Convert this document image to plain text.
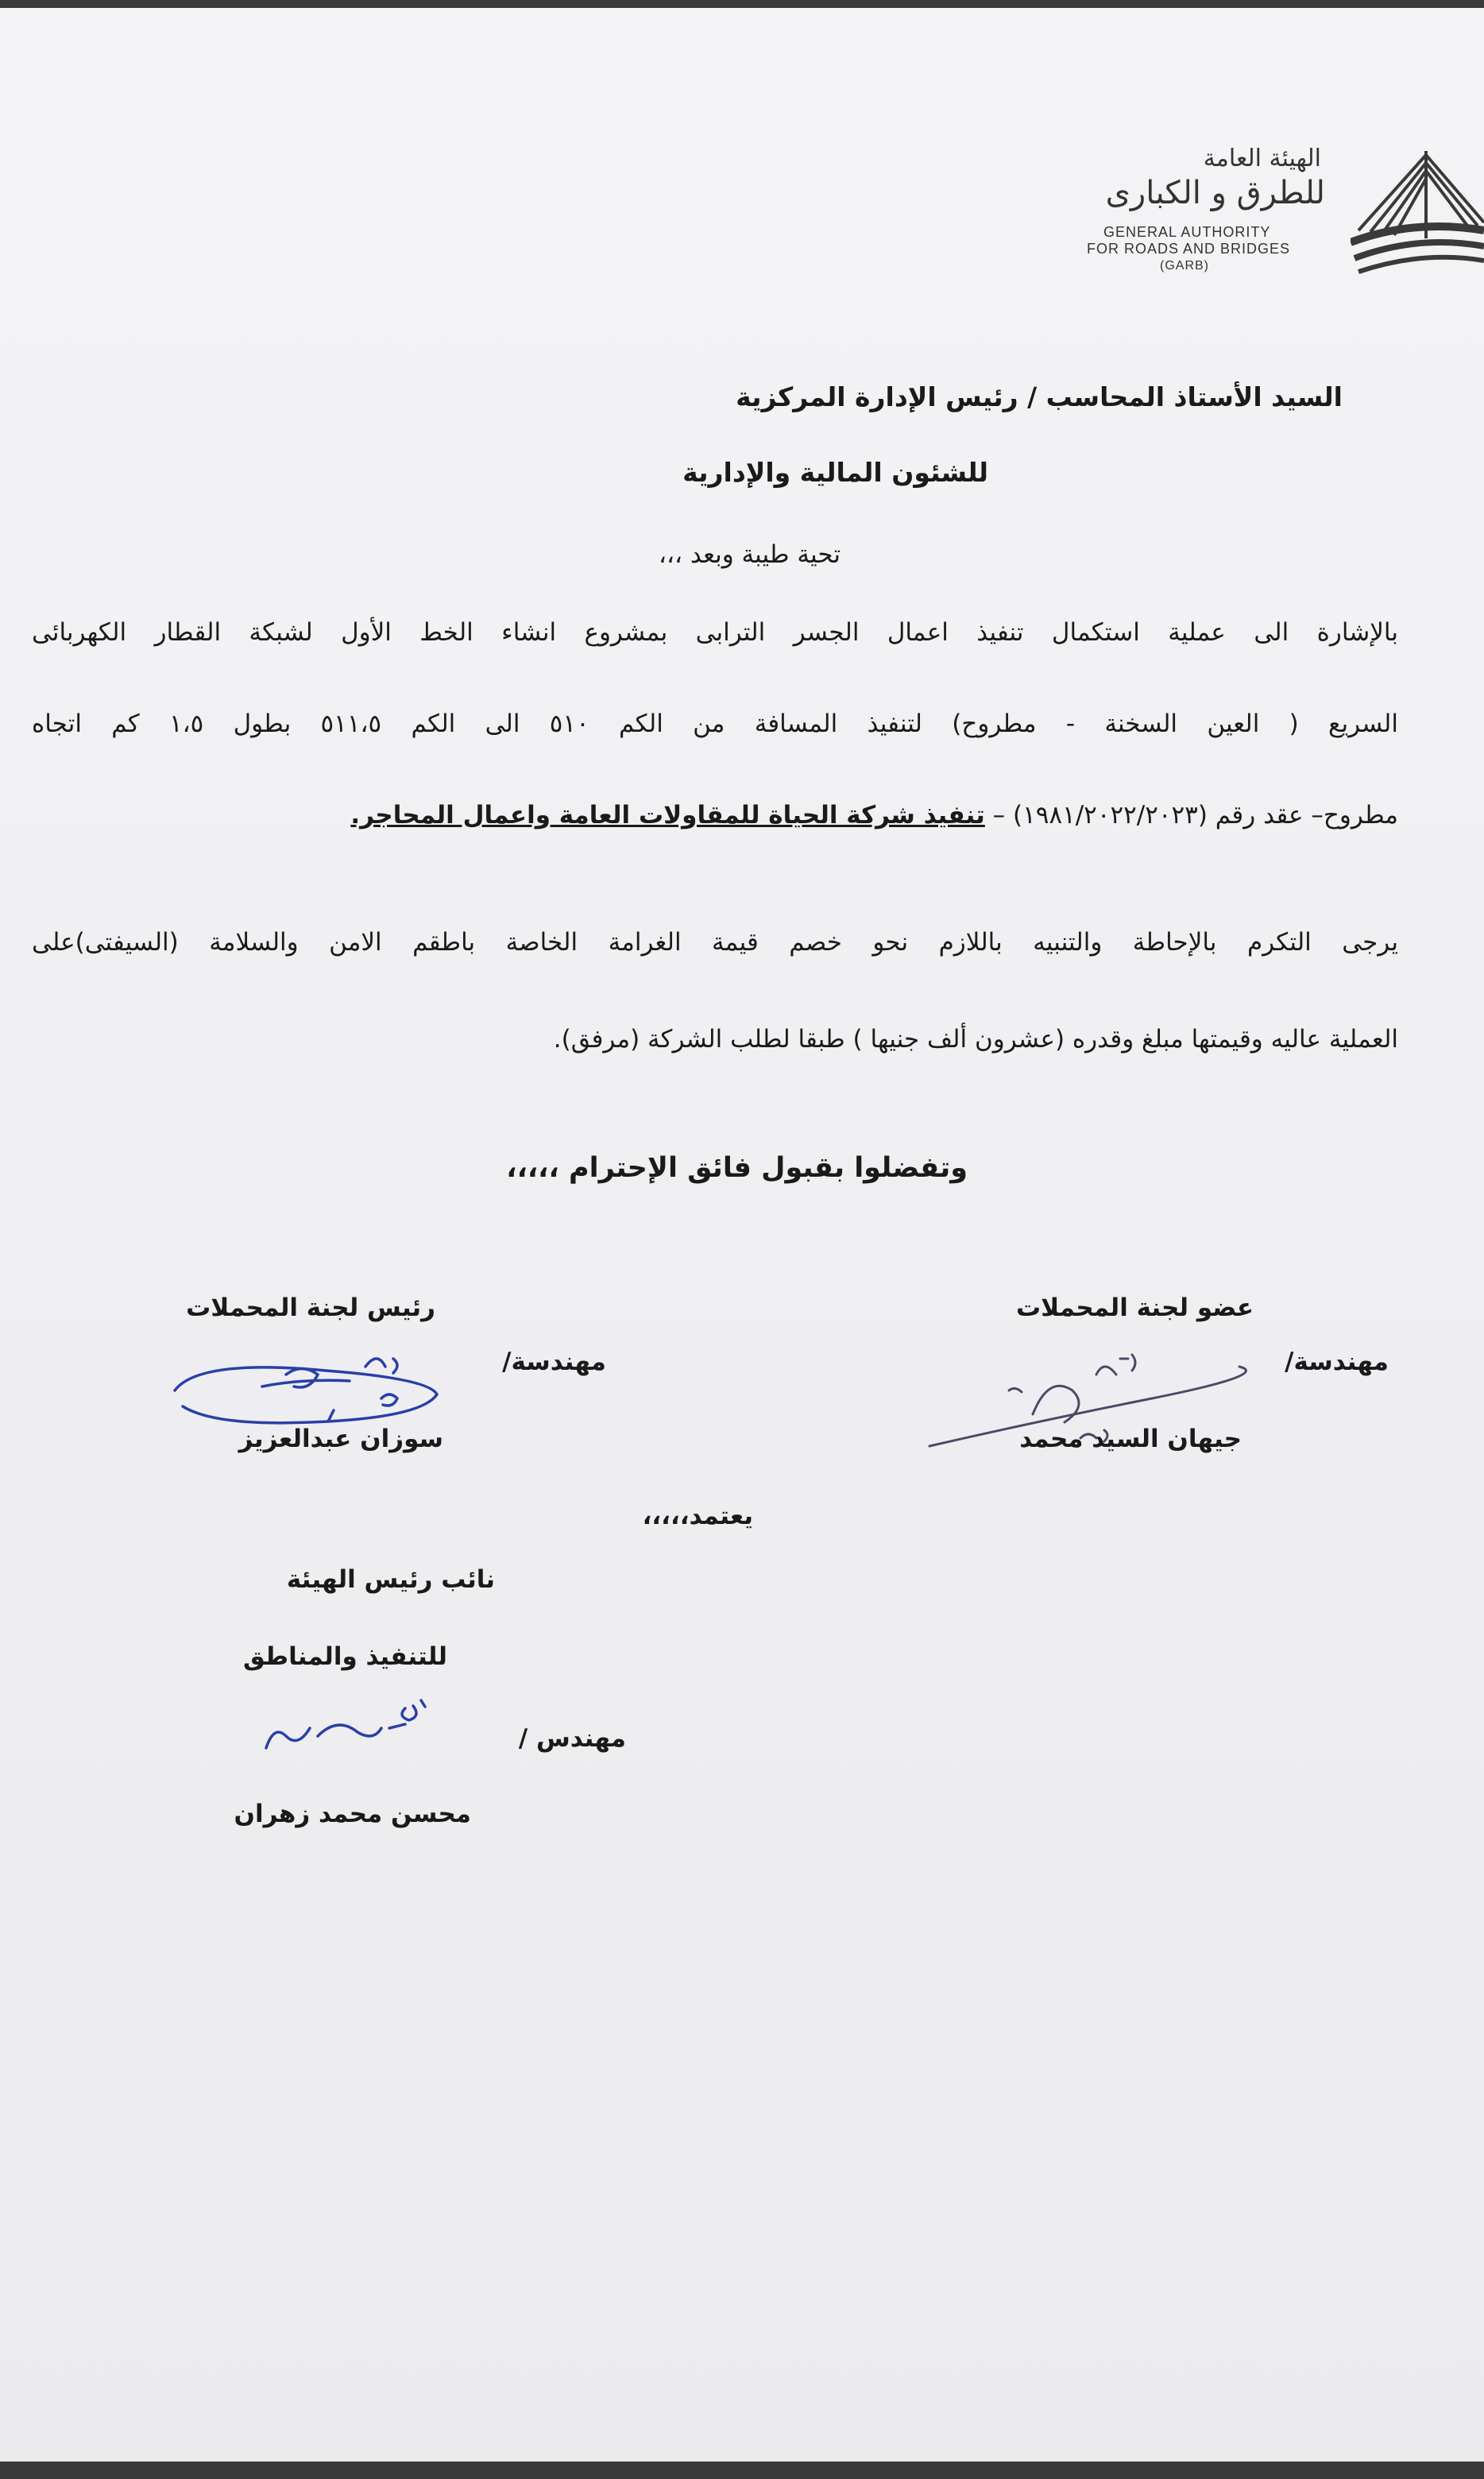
الهيئة العامة
للطرق و الكبارى
GENERAL AUTHORITY
FOR ROADS AND BRIDGES
(GARB)
السيد الأستاذ المحاسب / رئيس الإدارة المركزية
للشئون المالية والإدارية
تحية طيبة وبعد ،،،
بالإشارة الى عملية استكمال تنفيذ اعمال الجسر الترابى بمشروع انشاء الخط الأول لشبكة القطار الكهربائى
السريع ( العين السخنة - مطروح) لتنفيذ المسافة من الكم ٥١٠ الى الكم ٥١١،٥ بطول ١،٥ كم اتجاه
مطروح– عقد رقم (١٩٨١/٢٠٢٢/٢٠٢٣) – تنفيذ شركة الحياة للمقاولات العامة واعمال المحاجر.
يرجى التكرم بالإحاطة والتنبيه باللازم نحو خصم قيمة الغرامة الخاصة باطقم الامن والسلامة (السيفتى)على
العملية عاليه وقيمتها مبلغ وقدره (عشرون ألف جنيها ) طبقا لطلب الشركة (مرفق).
وتفضلوا بقبول فائق الإحترام ،،،،،
عضو لجنة المحملات
مهندسة/
جيهان السيد محمد
رئيس لجنة المحملات
مهندسة/
سوزان عبدالعزيز
يعتمد،،،،،
نائب رئيس الهيئة
للتنفيذ والمناطق
مهندس /
محسن محمد زهران
